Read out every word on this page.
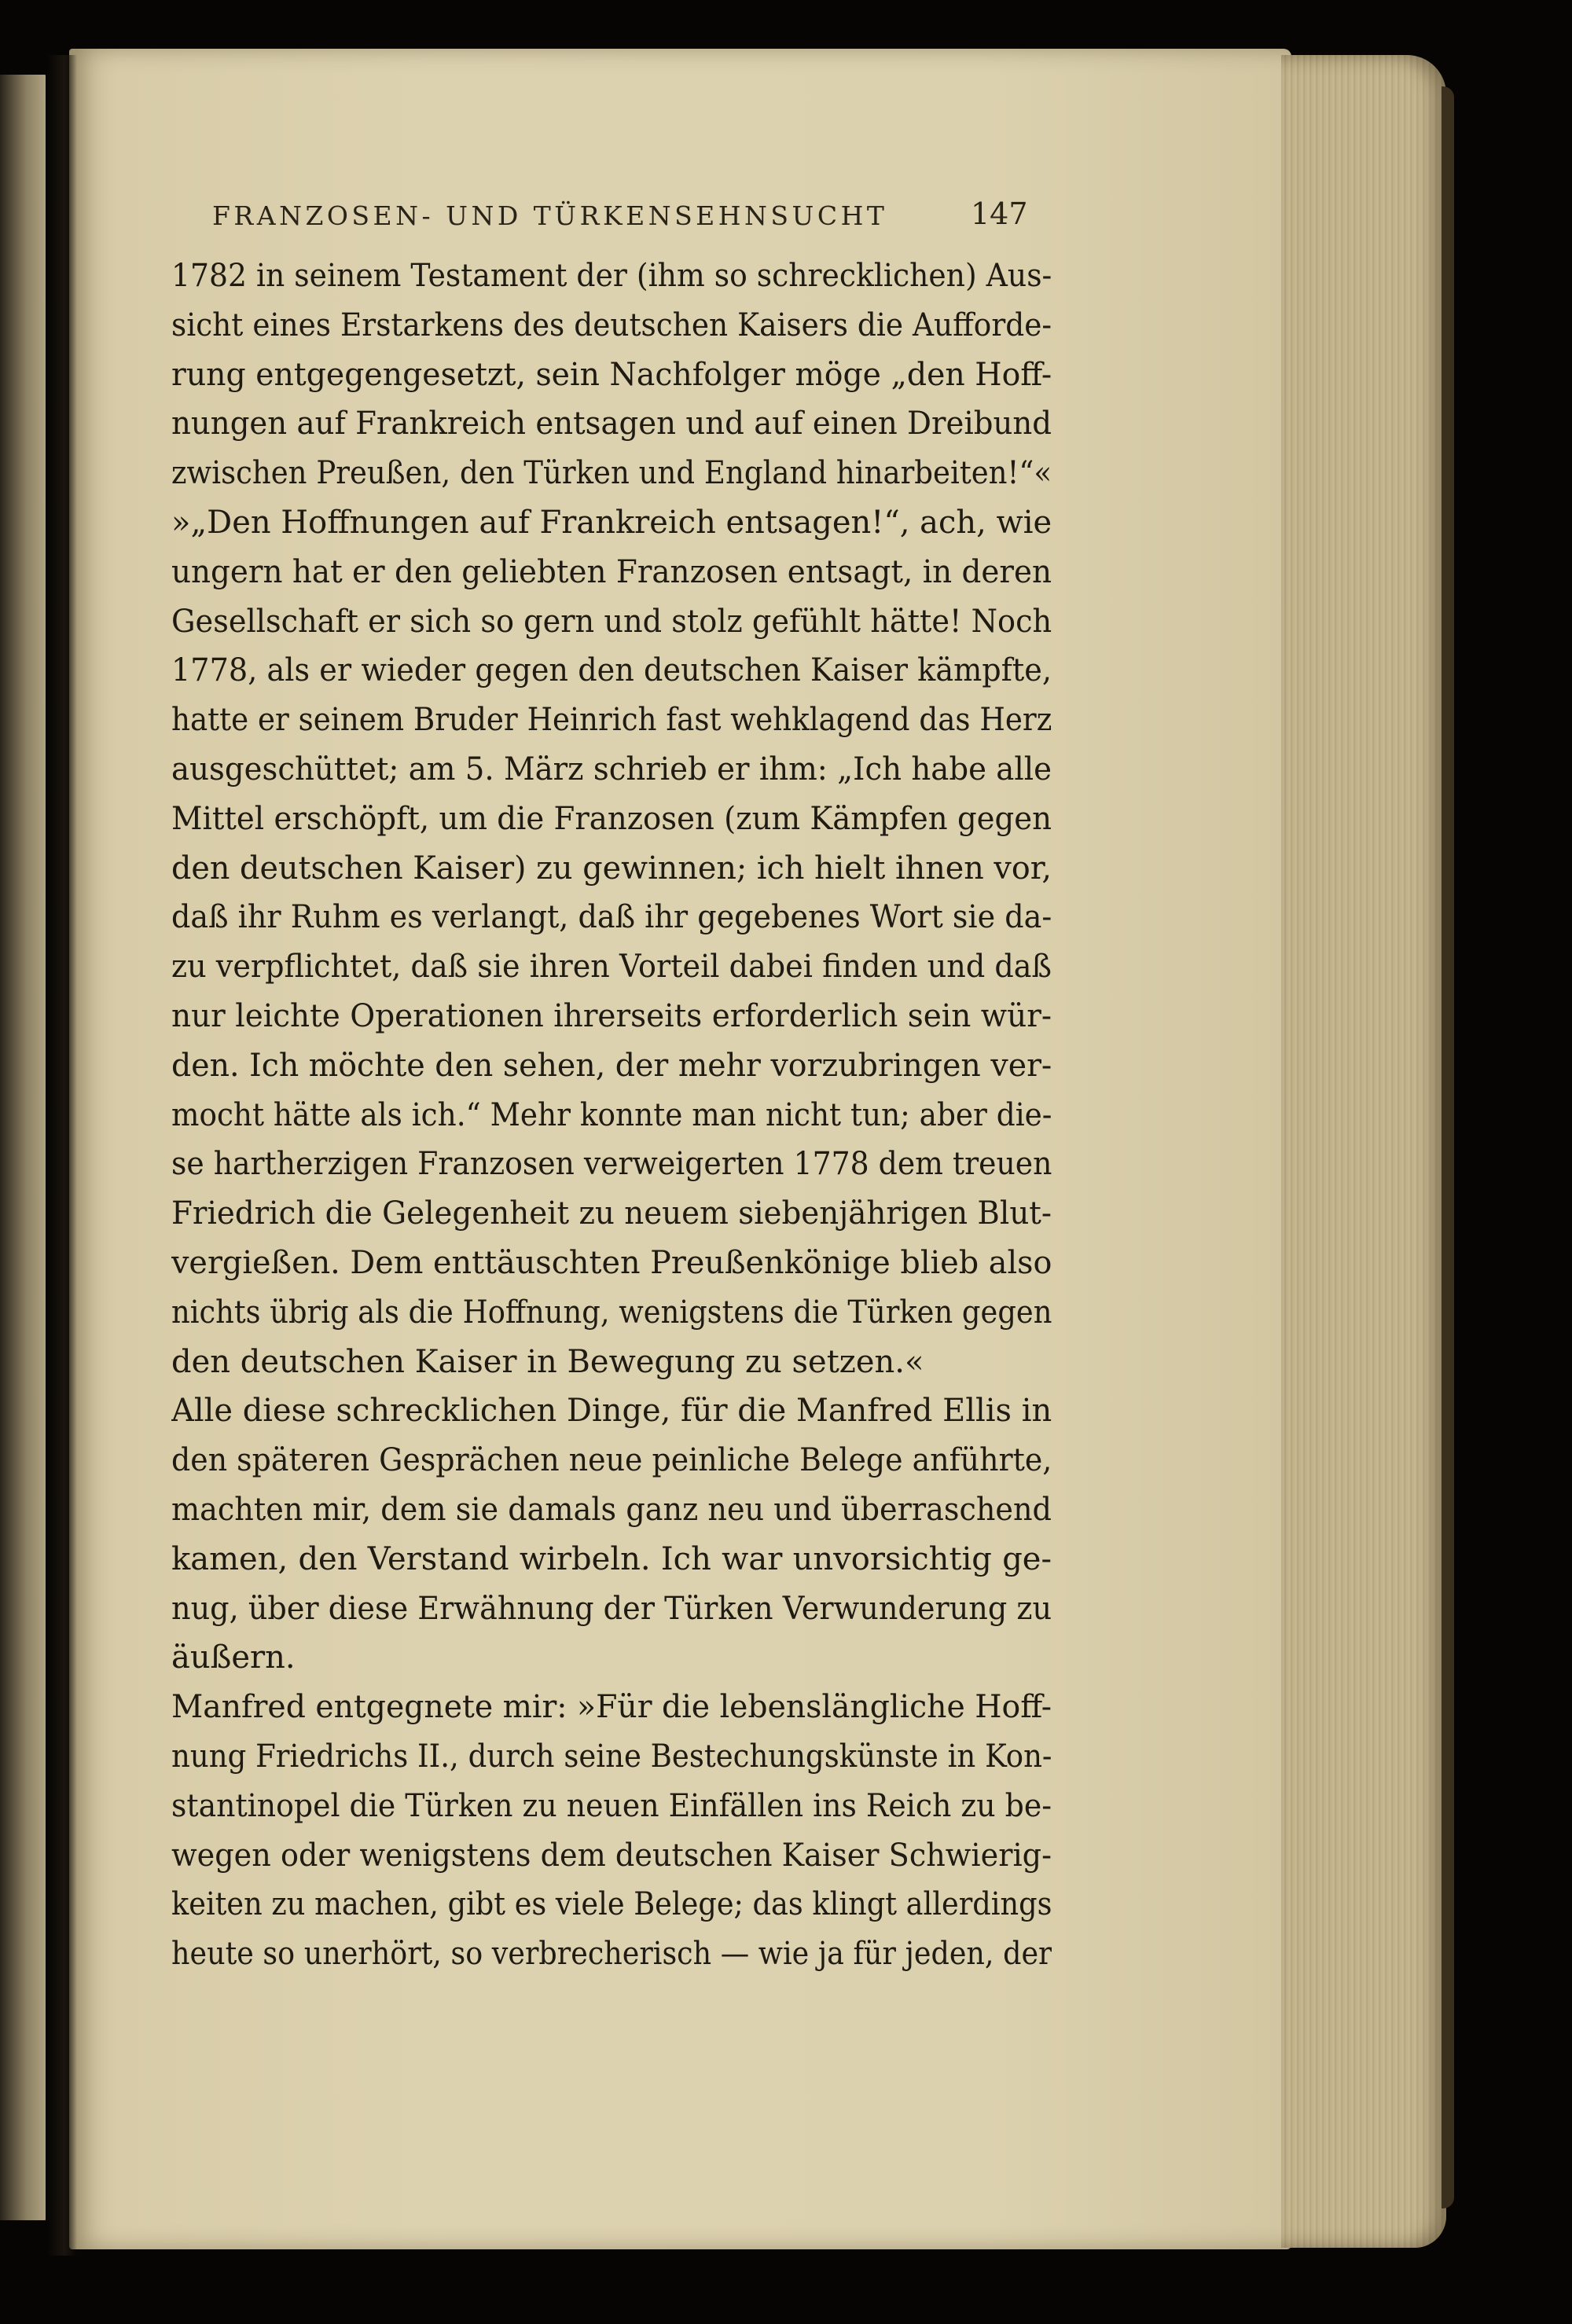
FRANZOSEN- UND TÜRKENSEHNSUCHT	147
1782 in seinem Testament der (ihm so schrecklichen) Aus-
sicht eines Erstarkens des deutschen Kaisers die Aufforde-
rung entgegengesetzt, sein Nachfolger möge „den Hoff-
nungen auf Frankreich entsagen und auf einen Dreibund
zwischen Preußen, den Türken und England hinarbeiten!“«
»„Den Hoffnungen auf Frankreich entsagen!“, ach, wie
ungern hat er den geliebten Franzosen entsagt, in deren
Gesellschaft er sich so gern und stolz gefühlt hätte! Noch
1778, als er wieder gegen den deutschen Kaiser kämpfte,
hatte er seinem Bruder Heinrich fast wehklagend das Herz
ausgeschüttet; am 5. März schrieb er ihm: „Ich habe alle
Mittel erschöpft, um die Franzosen (zum Kämpfen gegen
den deutschen Kaiser) zu gewinnen; ich hielt ihnen vor,
daß ihr Ruhm es verlangt, daß ihr gegebenes Wort sie da-
zu verpflichtet, daß sie ihren Vorteil dabei finden und daß
nur leichte Operationen ihrerseits erforderlich sein wür-
den. Ich möchte den sehen, der mehr vorzubringen ver-
mocht hätte als ich.“ Mehr konnte man nicht tun; aber die-
se hartherzigen Franzosen verweigerten 1778 dem treuen
Friedrich die Gelegenheit zu neuem siebenjährigen Blut-
vergießen. Dem enttäuschten Preußenkönige blieb also
nichts übrig als die Hoffnung, wenigstens die Türken gegen
den deutschen Kaiser in Bewegung zu setzen.«
Alle diese schrecklichen Dinge, für die Manfred Ellis in
den späteren Gesprächen neue peinliche Belege anführte,
machten mir, dem sie damals ganz neu und überraschend
kamen, den Verstand wirbeln. Ich war unvorsichtig ge-
nug, über diese Erwähnung der Türken Verwunderung zu
äußern.
Manfred entgegnete mir: »Für die lebenslängliche Hoff-
nung Friedrichs II., durch seine Bestechungskünste in Kon-
stantinopel die Türken zu neuen Einfällen ins Reich zu be-
wegen oder wenigstens dem deutschen Kaiser Schwierig-
keiten zu machen, gibt es viele Belege; das klingt allerdings
heute so unerhört, so verbrecherisch — wie ja für jeden, der
